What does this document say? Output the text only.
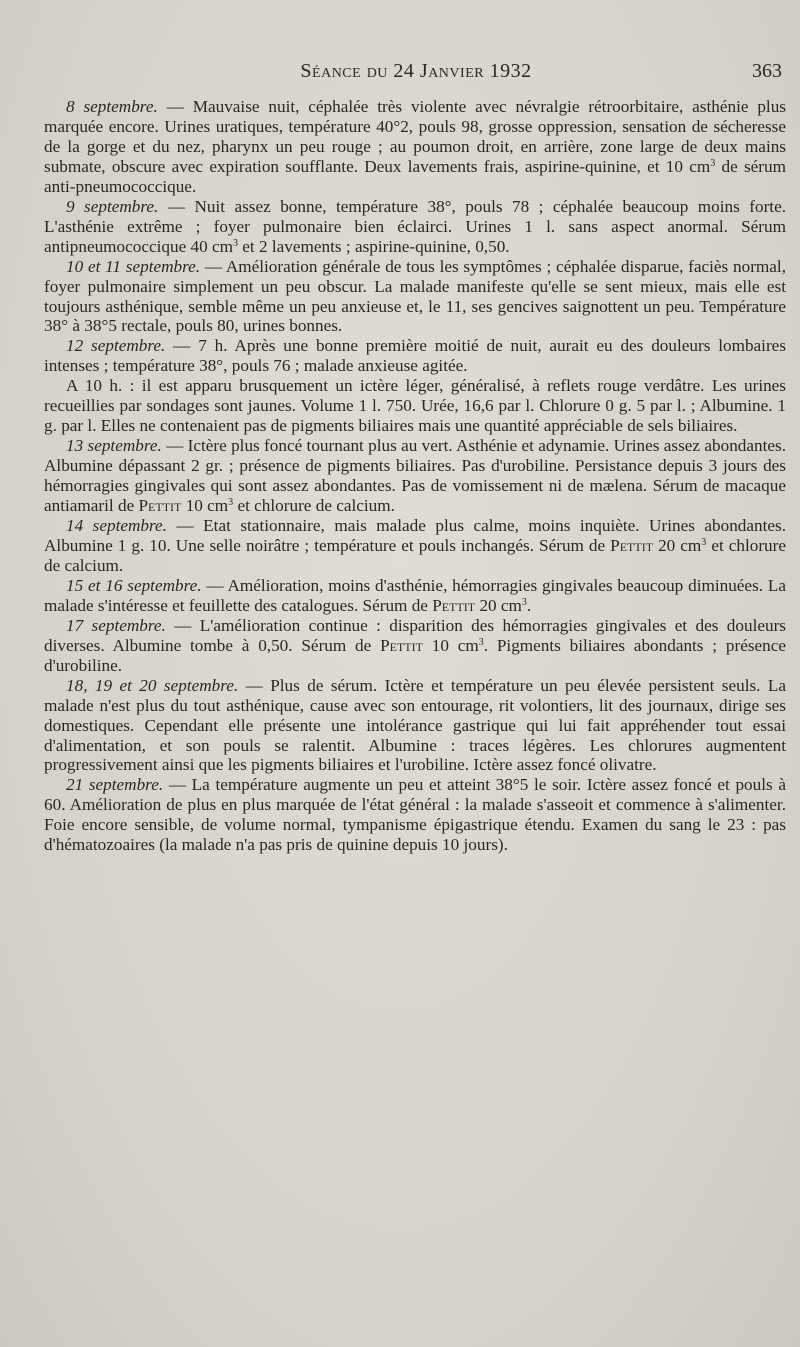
Séance du 24 Janvier 1932	363

8 septembre. — Mauvaise nuit, céphalée très violente avec névralgie rétroorbitaire, asthénie plus marquée encore. Urines uratiques, température 40°2, pouls 98, grosse oppression, sensation de sécheresse de la gorge et du nez, pharynx un peu rouge ; au poumon droit, en arrière, zone large de deux mains submate, obscure avec expiration soufflante. Deux lavements frais, aspirine-quinine, et 10 $cm^3$ de sérum anti-pneumococcique.

9 septembre. — Nuit assez bonne, température 38°, pouls 78 ; céphalée beaucoup moins forte. L'asthénie extrême ; foyer pulmonaire bien éclairci. Urines 1 l. sans aspect anormal. Sérum antipneumococcique 40 $cm^3$ et 2 lavements ; aspirine-quinine, 0,50.

10 et 11 septembre. — Amélioration générale de tous les symptômes ; céphalée disparue, faciès normal, foyer pulmonaire simplement un peu obscur. La malade manifeste qu'elle se sent mieux, mais elle est toujours asthénique, semble même un peu anxieuse et, le 11, ses gencives saignottent un peu. Température 38° à 38°5 rectale, pouls 80, urines bonnes.

12 septembre. — 7 h. Après une bonne première moitié de nuit, aurait eu des douleurs lombaires intenses ; température 38°, pouls 76 ; malade anxieuse agitée.

A 10 h. : il est apparu brusquement un ictère léger, généralisé, à reflets rouge verdâtre. Les urines recueillies par sondages sont jaunes. Volume 1 l. 750. Urée, 16,6 par l. Chlorure 0 g. 5 par l. ; Albumine. 1 g. par l. Elles ne contenaient pas de pigments biliaires mais une quantité appréciable de sels biliaires.

13 septembre. — Ictère plus foncé tournant plus au vert. Asthénie et adynamie. Urines assez abondantes. Albumine dépassant 2 gr. ; présence de pigments biliaires. Pas d'urobiline. Persistance depuis 3 jours des hémorragies gingivales qui sont assez abondantes. Pas de vomissement ni de mælena. Sérum de macaque antiamaril de Pettit 10 $cm^3$ et chlorure de calcium.

14 septembre. — Etat stationnaire, mais malade plus calme, moins inquiète. Urines abondantes. Albumine 1 g. 10. Une selle noirâtre ; température et pouls inchangés. Sérum de Pettit 20 $cm^3$ et chlorure de calcium.

15 et 16 septembre. — Amélioration, moins d'asthénie, hémorragies gingivales beaucoup diminuées. La malade s'intéresse et feuillette des catalogues. Sérum de Pettit 20 $cm^3$.

17 septembre. — L'amélioration continue : disparition des hémorragies gingivales et des douleurs diverses. Albumine tombe à 0,50. Sérum de Pettit 10 $cm^3$. Pigments biliaires abondants ; présence d'urobiline.

18, 19 et 20 septembre. — Plus de sérum. Ictère et température un peu élevée persistent seuls. La malade n'est plus du tout asthénique, cause avec son entourage, rit volontiers, lit des journaux, dirige ses domestiques. Cependant elle présente une intolérance gastrique qui lui fait appréhender tout essai d'alimentation, et son pouls se ralentit. Albumine : traces légères. Les chlorures augmentent progressivement ainsi que les pigments biliaires et l'urobiline. Ictère assez foncé olivatre.

21 septembre. — La température augmente un peu et atteint 38°5 le soir. Ictère assez foncé et pouls à 60. Amélioration de plus en plus marquée de l'état général : la malade s'asseoit et commence à s'alimenter. Foie encore sensible, de volume normal, tympanisme épigastrique étendu. Examen du sang le 23 : pas d'hématozoaires (la malade n'a pas pris de quinine depuis 10 jours).
